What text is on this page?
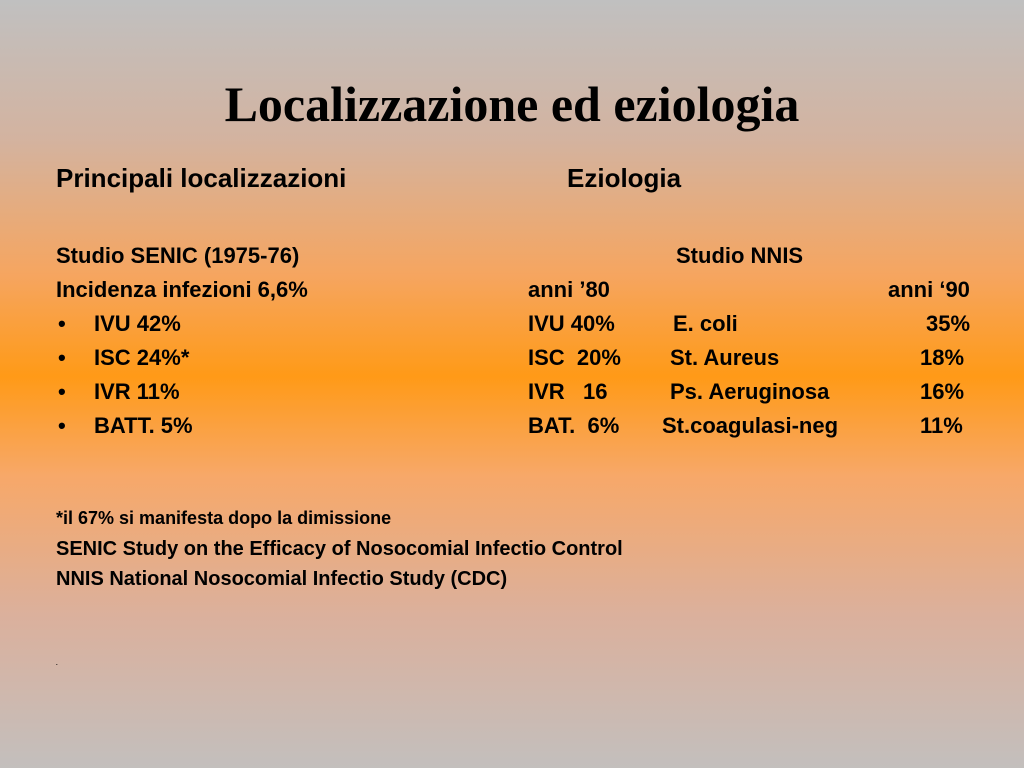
Localizzazione ed eziologia
Principali localizzazioni	Eziologia
Studio SENIC (1975-76)
Incidenza infezioni 6,6%
• IVU 42%
• ISC 24%*
• IVR 11%
• BATT. 5%
Studio NNIS
anni ’80	anni ‘90
IVU 40%	E. coli	35%
ISC  20% St. Aureus	18%
IVR   16	Ps. Aeruginosa	16%
BAT.  6% St.coagulasi-neg	11%
*il 67% si manifesta dopo la dimissione
SENIC Study on the Efficacy of Nosocomial Infectio Control
NNIS National Nosocomial Infectio Study (CDC)
.
